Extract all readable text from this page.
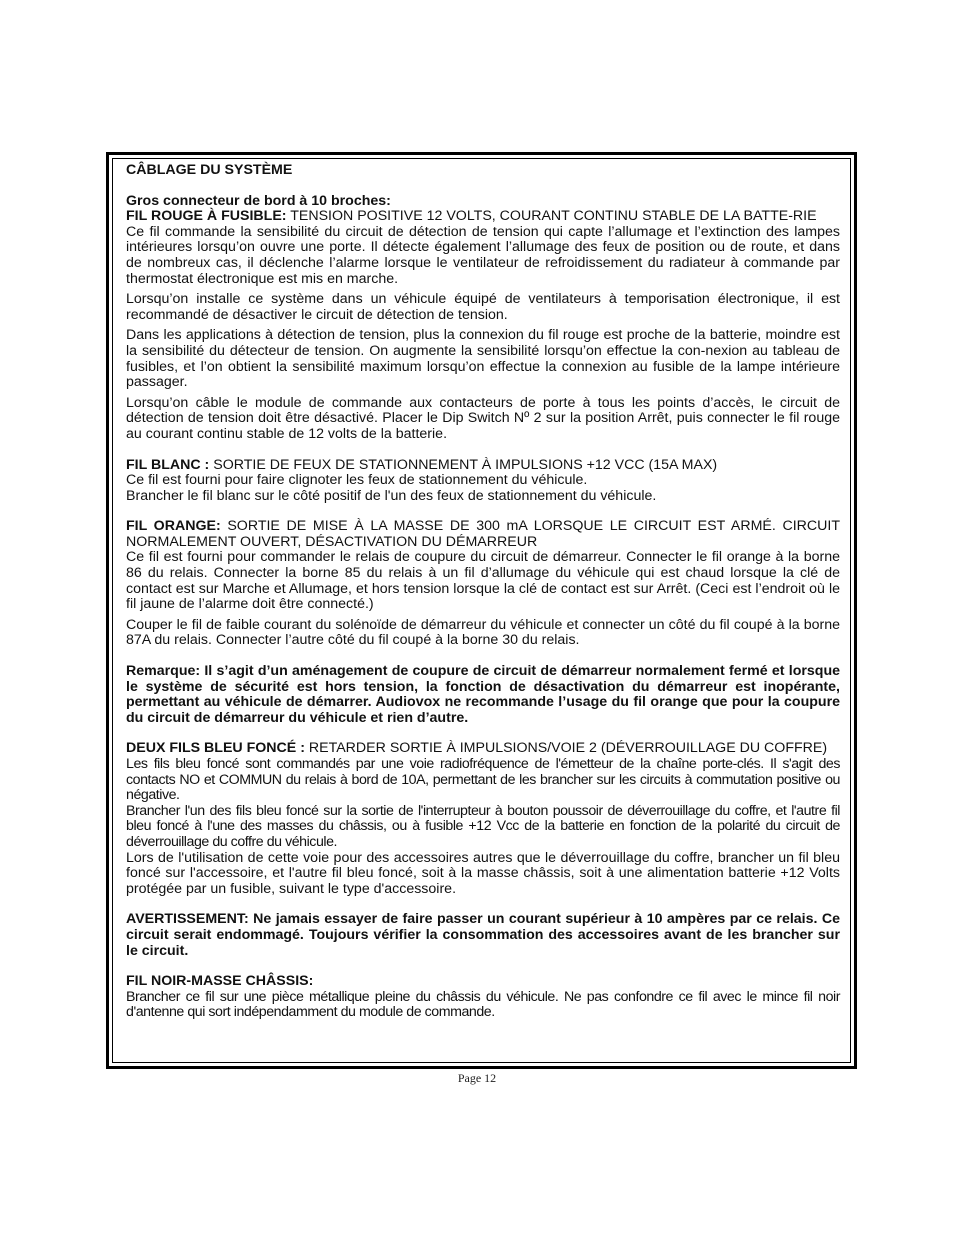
CÂBLAGE DU SYSTÈME

Gros connecteur de bord à 10 broches:

FIL ROUGE À FUSIBLE: TENSION POSITIVE 12 VOLTS, COURANT CONTINU STABLE DE LA BATTE-RIE

Ce fil commande la sensibilité du circuit de détection de tension qui capte l’allumage et l’extinction des lampes intérieures lorsqu’on ouvre une porte. Il détecte également l’allumage des feux de position ou de route, et dans de nombreux cas, il déclenche l’alarme lorsque le ventilateur de refroidissement du radiateur à commande par thermostat électronique est mis en marche.

Lorsqu’on installe ce système dans un véhicule équipé de ventilateurs à temporisation électronique, il est recommandé de désactiver le circuit de détection de tension.

Dans les applications à détection de tension, plus la connexion du fil rouge est proche de la batterie, moindre est la sensibilité du détecteur de tension. On augmente la sensibilité lorsqu’on effectue la con-nexion au tableau de fusibles, et l’on obtient la sensibilité maximum lorsqu’on effectue la connexion au fusible de la lampe intérieure passager.

Lorsqu’on câble le module de commande aux contacteurs de porte à tous les points d’accès, le circuit de détection de tension doit être désactivé. Placer le Dip Switch Nº 2 sur la position Arrêt, puis connecter le fil rouge au courant continu stable de 12 volts de la batterie.

FIL BLANC : SORTIE DE FEUX DE STATIONNEMENT À IMPULSIONS +12 VCC (15A MAX)

Ce fil est fourni pour faire clignoter les feux de stationnement du véhicule.

Brancher le fil blanc sur le côté positif de l'un des feux de stationnement du véhicule.

FIL ORANGE: SORTIE DE MISE À LA MASSE DE 300 mA LORSQUE LE CIRCUIT EST ARMÉ. CIRCUIT NORMALEMENT OUVERT, DÉSACTIVATION DU DÉMARREUR

Ce fil est fourni pour commander le relais de coupure du circuit de démarreur. Connecter le fil orange à la borne 86 du relais. Connecter la borne 85 du relais à un fil d’allumage du véhicule qui est chaud lorsque la clé de contact est sur Marche et Allumage, et hors tension lorsque la clé de contact est sur Arrêt. (Ceci est l’endroit où le fil jaune de l’alarme doit être connecté.)

Couper le fil de faible courant du solénoïde de démarreur du véhicule et connecter un côté du fil coupé à la borne 87A du relais. Connecter l’autre côté du fil coupé à la borne 30 du relais.

Remarque: Il s’agit d’un aménagement de coupure de circuit de démarreur normalement fermé et lorsque le système de sécurité est hors tension, la fonction de désactivation du démarreur est inopérante, permettant au véhicule de démarrer. Audiovox ne recommande l’usage du fil orange que pour la coupure du circuit de démarreur du véhicule et rien d’autre.

DEUX FILS BLEU FONCÉ : RETARDER SORTIE À IMPULSIONS/VOIE 2 (DÉVERROUILLAGE DU COFFRE)

Les fils bleu foncé sont commandés par une voie radiofréquence de l'émetteur de la chaîne porte-clés. Il s'agit des contacts NO et COMMUN du relais à bord de 10A, permettant de les brancher sur les circuits à commutation positive ou négative.

Brancher l'un des fils bleu foncé sur la sortie de l'interrupteur à bouton poussoir de déverrouillage du coffre, et l'autre fil bleu foncé à l'une des masses du châssis, ou à fusible +12 Vcc de la batterie en fonction de la polarité du circuit de déverrouillage du coffre du véhicule.

Lors de l'utilisation de cette voie pour des accessoires autres que le déverrouillage du coffre, brancher un fil bleu foncé sur l'accessoire, et l'autre fil bleu foncé, soit à la masse châssis, soit à une alimentation batterie +12 Volts protégée par un fusible, suivant le type d'accessoire.

AVERTISSEMENT: Ne jamais essayer de faire passer un courant supérieur à 10 ampères par ce relais. Ce circuit serait endommagé. Toujours vérifier la consommation des accessoires avant de les brancher sur le circuit.

FIL NOIR-MASSE CHÂSSIS:

Brancher ce fil sur une pièce métallique pleine du châssis du véhicule. Ne pas confondre ce fil avec le mince fil noir d'antenne qui sort indépendamment du module de commande.

Page 12
